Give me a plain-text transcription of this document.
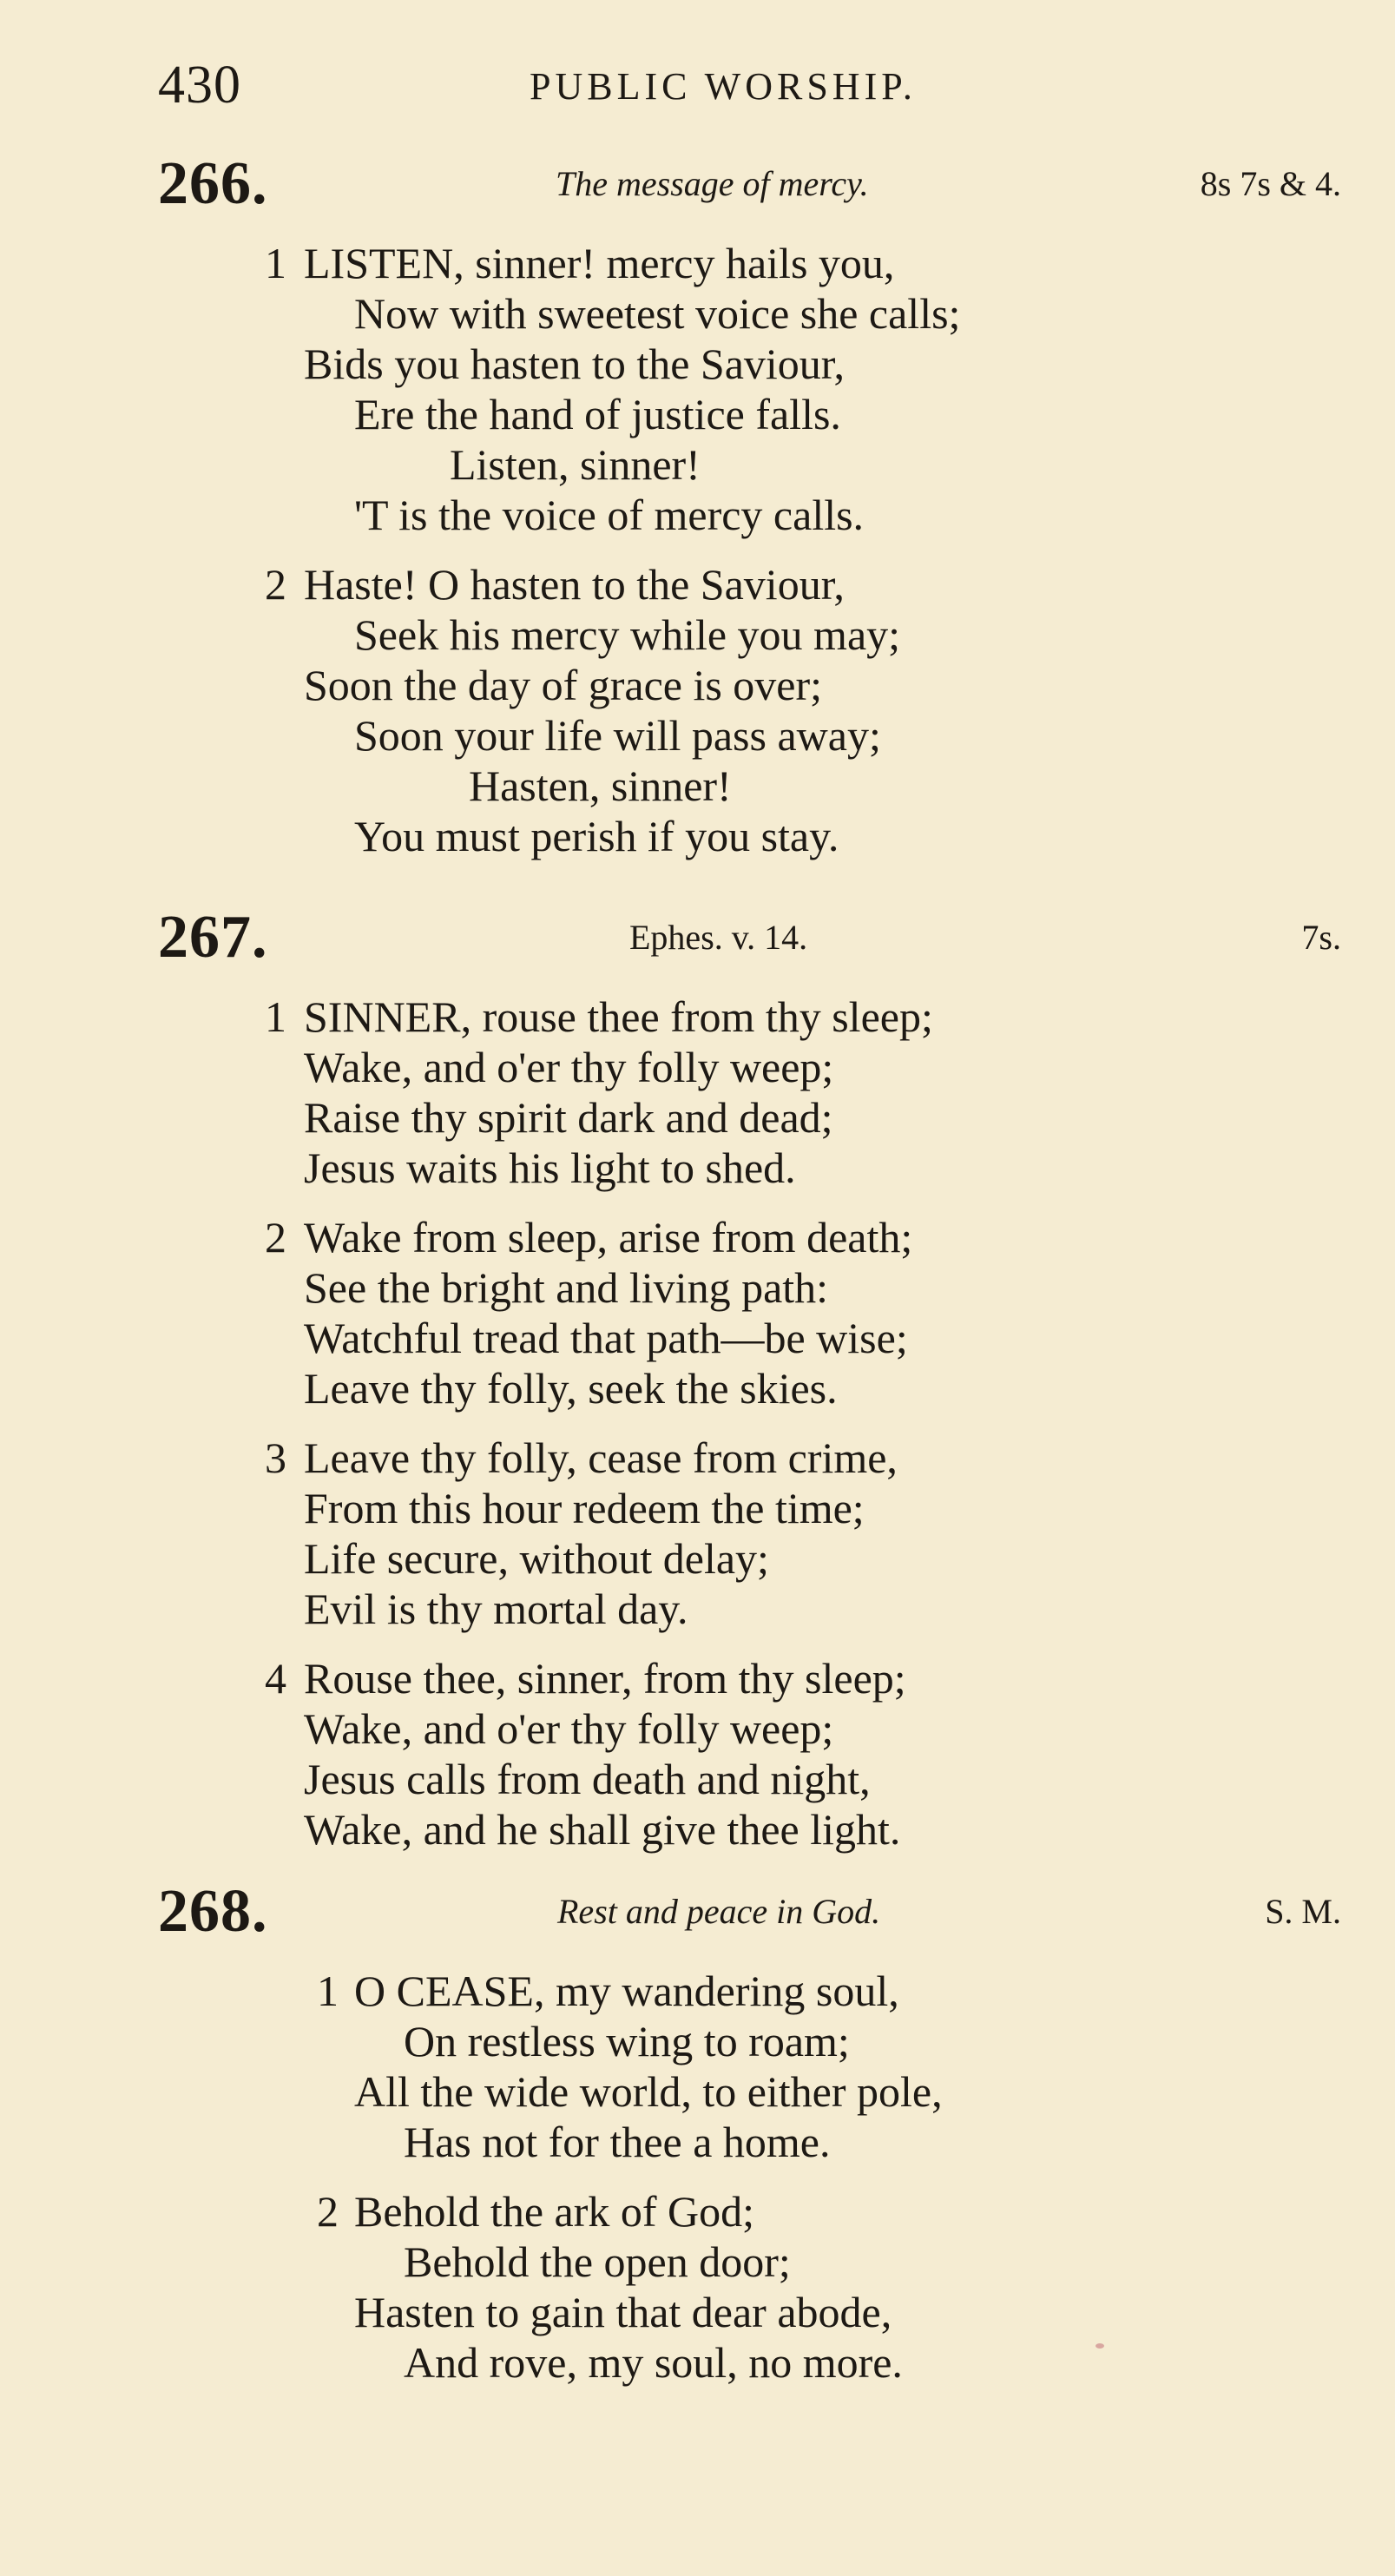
430	PUBLIC WORSHIP.
266.	The message of mercy.	8s 7s & 4.
1 LISTEN, sinner! mercy hails you,
Now with sweetest voice she calls;
Bids you hasten to the Saviour,
Ere the hand of justice falls.
Listen, sinner!
'T is the voice of mercy calls.
2 Haste! O hasten to the Saviour,
Seek his mercy while you may;
Soon the day of grace is over;
Soon your life will pass away;
Hasten, sinner!
You must perish if you stay.
267.	Ephes. v. 14.	7s.
1 SINNER, rouse thee from thy sleep;
Wake, and o'er thy folly weep;
Raise thy spirit dark and dead;
Jesus waits his light to shed.
2 Wake from sleep, arise from death;
See the bright and living path:
Watchful tread that path—be wise;
Leave thy folly, seek the skies.
3 Leave thy folly, cease from crime,
From this hour redeem the time;
Life secure, without delay;
Evil is thy mortal day.
4 Rouse thee, sinner, from thy sleep;
Wake, and o'er thy folly weep;
Jesus calls from death and night,
Wake, and he shall give thee light.
268.	Rest and peace in God.	S. M.
1 O CEASE, my wandering soul,
On restless wing to roam;
All the wide world, to either pole,
Has not for thee a home.
2 Behold the ark of God;
Behold the open door;
Hasten to gain that dear abode,
And rove, my soul, no more.
